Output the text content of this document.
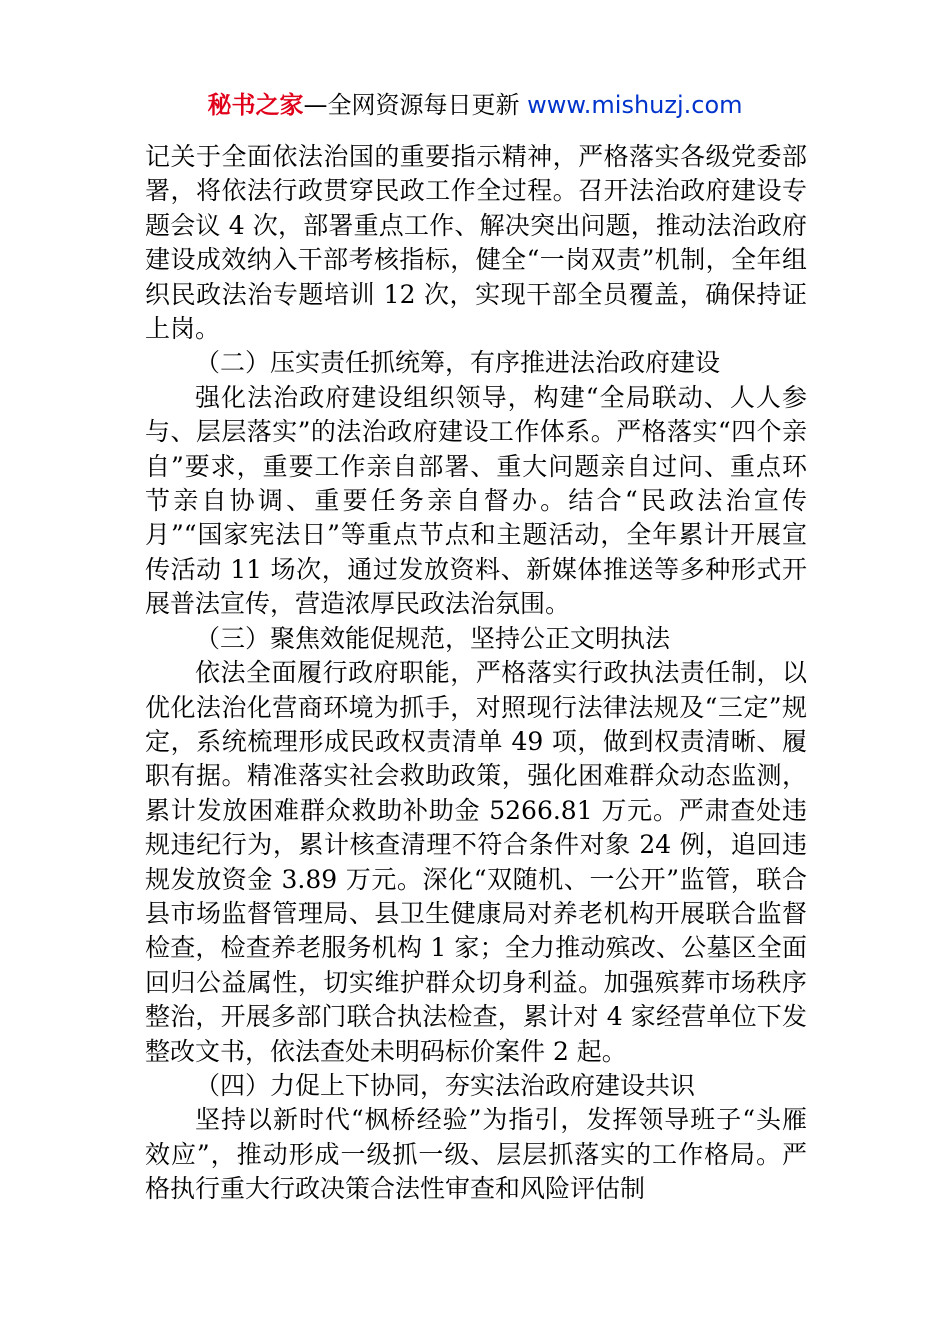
秘书之家—全网资源每日更新 www.mishuzj.com

记关于全面依法治国的重要指示精神，严格落实各级党委部署，将依法行政贯穿民政工作全过程。召开法治政府建设专题会议 4 次，部署重点工作、解决突出问题，推动法治政府建设成效纳入干部考核指标，健全“一岗双责”机制，全年组织民政法治专题培训 12 次，实现干部全员覆盖，确保持证上岗。

（二）压实责任抓统筹，有序推进法治政府建设

强化法治政府建设组织领导，构建“全局联动、人人参与、层层落实”的法治政府建设工作体系。严格落实“四个亲自”要求，重要工作亲自部署、重大问题亲自过问、重点环节亲自协调、重要任务亲自督办。结合“民政法治宣传月”“国家宪法日”等重点节点和主题活动，全年累计开展宣传活动 11 场次，通过发放资料、新媒体推送等多种形式开展普法宣传，营造浓厚民政法治氛围。

（三）聚焦效能促规范，坚持公正文明执法

依法全面履行政府职能，严格落实行政执法责任制，以优化法治化营商环境为抓手，对照现行法律法规及“三定”规定，系统梳理形成民政权责清单 49 项，做到权责清晰、履职有据。精准落实社会救助政策，强化困难群众动态监测，累计发放困难群众救助补助金 5266.81 万元。严肃查处违规违纪行为，累计核查清理不符合条件对象 24 例，追回违规发放资金 3.89 万元。深化“双随机、一公开”监管，联合县市场监督管理局、县卫生健康局对养老机构开展联合监督检查，检查养老服务机构 1 家；全力推动殡改、公墓区全面回归公益属性，切实维护群众切身利益。加强殡葬市场秩序整治，开展多部门联合执法检查，累计对 4 家经营单位下发整改文书，依法查处未明码标价案件 2 起。

（四）力促上下协同，夯实法治政府建设共识

坚持以新时代“枫桥经验”为指引，发挥领导班子“头雁效应”，推动形成一级抓一级、层层抓落实的工作格局。严格执行重大行政决策合法性审查和风险评估制
